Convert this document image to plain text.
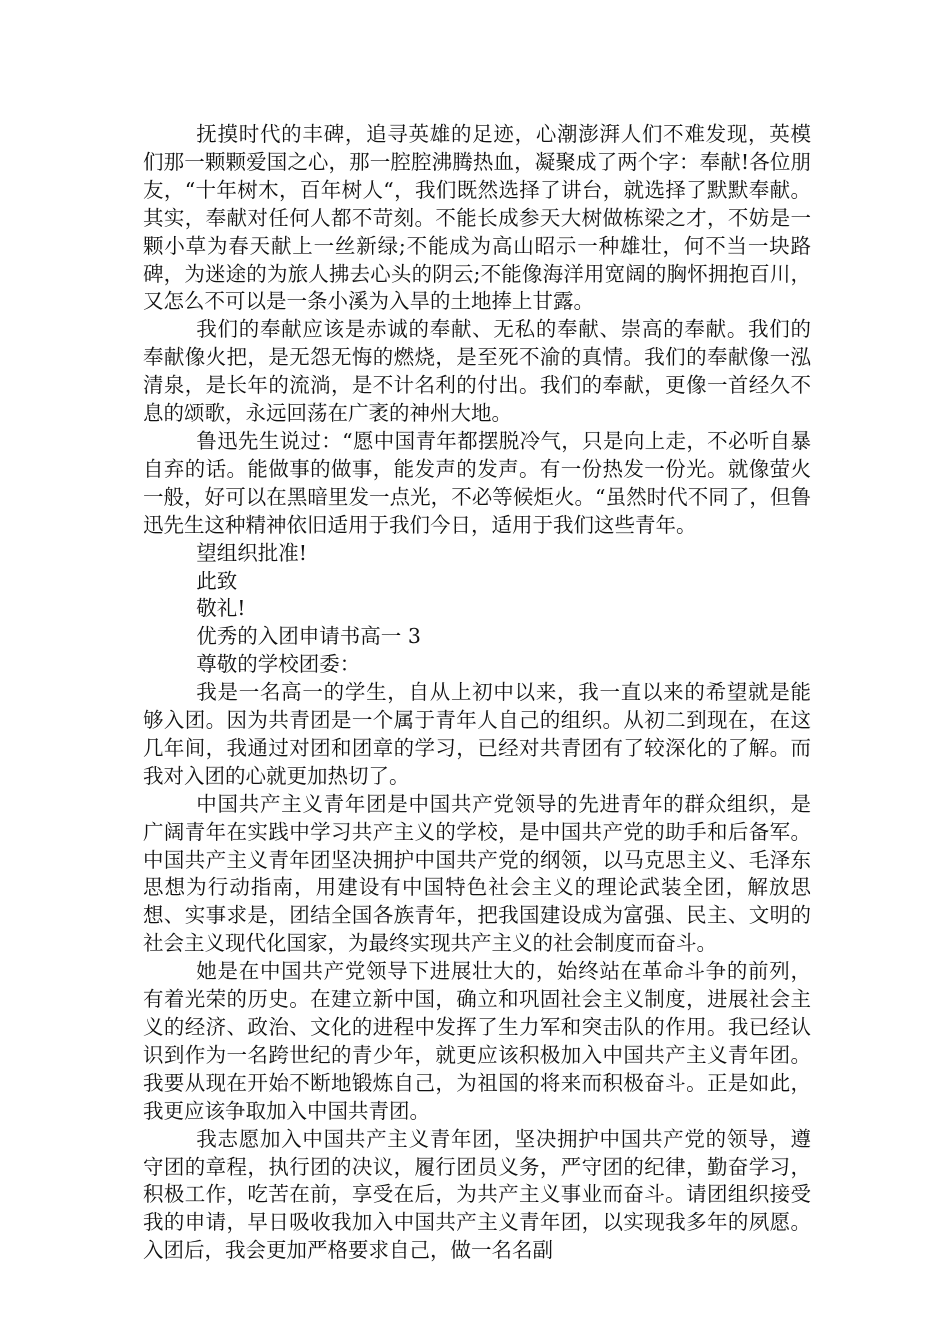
抚摸时代的丰碑，追寻英雄的足迹，心潮澎湃人们不难发现，英模们那一颗颗爱国之心，那一腔腔沸腾热血，凝聚成了两个字：奉献!各位朋友，“十年树木，百年树人“，我们既然选择了讲台，就选择了默默奉献。其实，奉献对任何人都不苛刻。不能长成参天大树做栋梁之才，不妨是一颗小草为春天献上一丝新绿;不能成为高山昭示一种雄壮，何不当一块路碑，为迷途的为旅人拂去心头的阴云;不能像海洋用宽阔的胸怀拥抱百川，又怎么不可以是一条小溪为入旱的土地捧上甘露。

我们的奉献应该是赤诚的奉献、无私的奉献、崇高的奉献。我们的奉献像火把，是无怨无悔的燃烧，是至死不渝的真情。我们的奉献像一泓清泉，是长年的流淌，是不计名利的付出。我们的奉献，更像一首经久不息的颂歌，永远回荡在广袤的神州大地。

鲁迅先生说过：“愿中国青年都摆脱冷气，只是向上走，不必听自暴自弃的话。能做事的做事，能发声的发声。有一份热发一份光。就像萤火一般，好可以在黑暗里发一点光，不必等候炬火。“虽然时代不同了，但鲁迅先生这种精神依旧适用于我们今日，适用于我们这些青年。

望组织批准!

此致

敬礼!

优秀的入团申请书高一 3

尊敬的学校团委：

我是一名高一的学生，自从上初中以来，我一直以来的希望就是能够入团。因为共青团是一个属于青年人自己的组织。从初二到现在，在这几年间，我通过对团和团章的学习，已经对共青团有了较深化的了解。而我对入团的心就更加热切了。

中国共产主义青年团是中国共产党领导的先进青年的群众组织，是广阔青年在实践中学习共产主义的学校，是中国共产党的助手和后备军。中国共产主义青年团坚决拥护中国共产党的纲领，以马克思主义、毛泽东思想为行动指南，用建设有中国特色社会主义的理论武装全团，解放思想、实事求是，团结全国各族青年，把我国建设成为富强、民主、文明的社会主义现代化国家，为最终实现共产主义的社会制度而奋斗。

她是在中国共产党领导下进展壮大的，始终站在革命斗争的前列，有着光荣的历史。在建立新中国，确立和巩固社会主义制度，进展社会主义的经济、政治、文化的进程中发挥了生力军和突击队的作用。我已经认识到作为一名跨世纪的青少年，就更应该积极加入中国共产主义青年团。我要从现在开始不断地锻炼自己，为祖国的将来而积极奋斗。正是如此，我更应该争取加入中国共青团。

我志愿加入中国共产主义青年团，坚决拥护中国共产党的领导，遵守团的章程，执行团的决议，履行团员义务，严守团的纪律，勤奋学习，积极工作，吃苦在前，享受在后，为共产主义事业而奋斗。请团组织接受我的申请，早日吸收我加入中国共产主义青年团，以实现我多年的夙愿。入团后，我会更加严格要求自己，做一名名副
